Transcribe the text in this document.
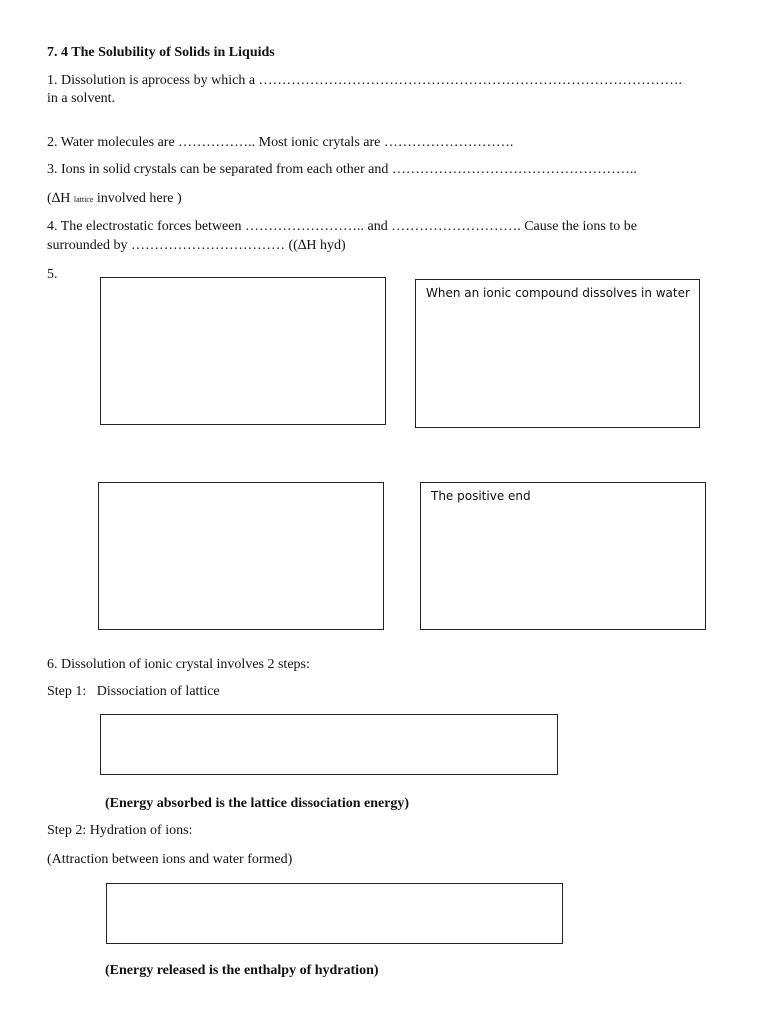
7. 4 The Solubility of Solids in Liquids
1. Dissolution is aprocess by which a ……………………………………………………………………………….
in a solvent.
2. Water molecules are …………….. Most ionic crytals are ……………………….
3. Ions in solid crystals can be separated from each other and ……………………………………………..
(∆H lattice involved here )
4. The electrostatic forces between …………………….. and ………………………. Cause the ions to be
surrounded by …………………………… ((∆H hyd)
5.
When an ionic compound dissolves in water
The positive end
6. Dissolution of ionic crystal involves 2 steps:
Step 1: Dissociation of lattice
(Energy absorbed is the lattice dissociation energy)
Step 2: Hydration of ions:
(Attraction between ions and water formed)
(Energy released is the enthalpy of hydration)
